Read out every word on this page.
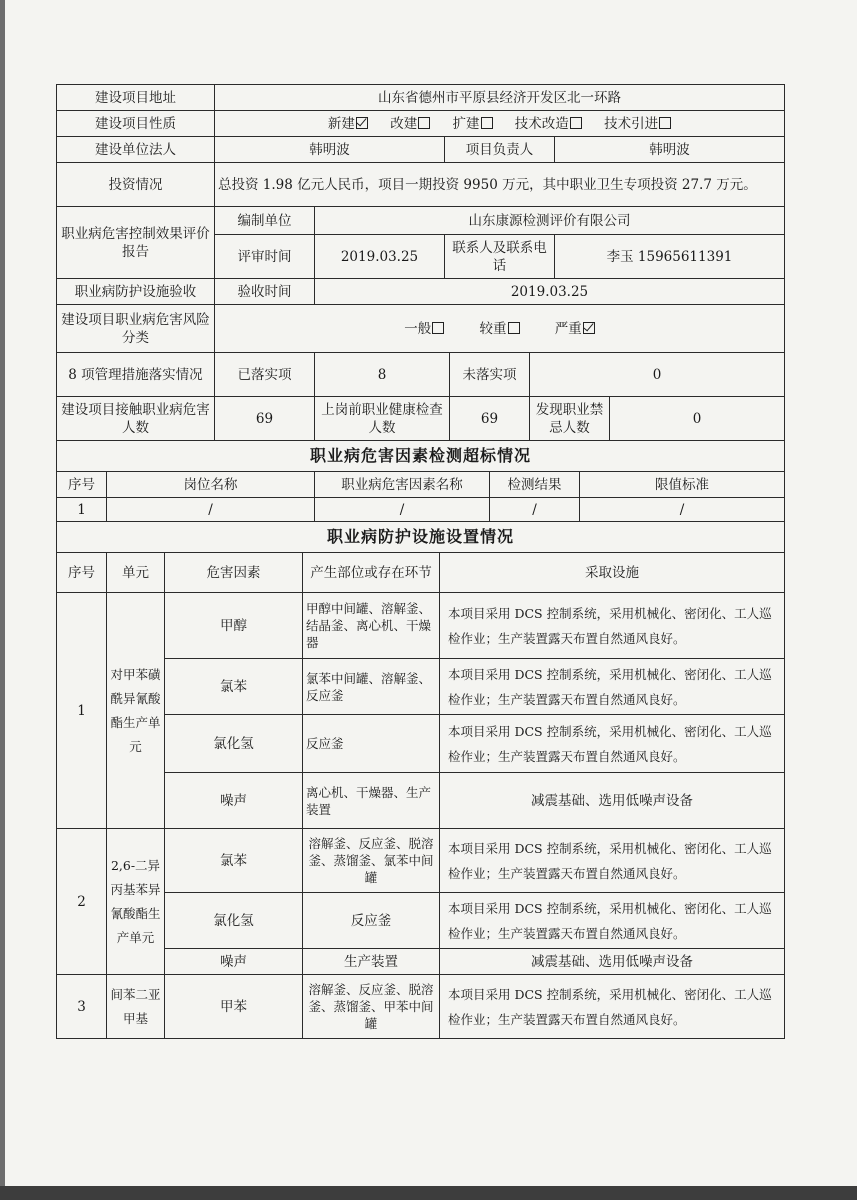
建设项目地址	山东省德州市平原县经济开发区北一环路			
建设项目性质	新建 改建 扩建 技术改造 技术引进			
建设单位法人	韩明波		项目负责人	韩明波
投资情况	总投资 1.98 亿元人民币，项目一期投资 9950 万元，其中职业卫生专项投资 27.7 万元。			
职业病危害控制效果评价报告	编制单位	山东康源检测评价有限公司		
	评审时间	2019.03.25	联系人及联系电话	李玉 15965611391
职业病防护设施验收	验收时间	2019.03.25		
建设项目职业病危害风险分类	一般 较重 严重			
8 项管理措施落实情况	已落实项	8	未落实项	0
建设项目接触职业病危害人数	69	上岗前职业健康检查人数	69	发现职业禁忌人数	0
职业病危害因素检测超标情况				
序号	岗位名称	职业病危害因素名称	检测结果	限值标准
1	/	/	/	/
职业病防护设施设置情况				
序号	单元	危害因素	产生部位或存在环节	采取设施
1	对甲苯磺酰异氰酸酯生产单元	甲醇	甲醇中间罐、溶解釜、结晶釜、离心机、干燥器	本项目采用 DCS 控制系统，采用机械化、密闭化、工人巡检作业；生产装置露天布置自然通风良好。
		氯苯	氯苯中间罐、溶解釜、反应釜	本项目采用 DCS 控制系统，采用机械化、密闭化、工人巡检作业；生产装置露天布置自然通风良好。
		氯化氢	反应釜	本项目采用 DCS 控制系统，采用机械化、密闭化、工人巡检作业；生产装置露天布置自然通风良好。
		噪声	离心机、干燥器、生产装置	减震基础、选用低噪声设备
2	2,6-二异丙基苯异氰酸酯生产单元	氯苯	溶解釜、反应釜、脱溶釜、蒸馏釜、氯苯中间罐	本项目采用 DCS 控制系统，采用机械化、密闭化、工人巡检作业；生产装置露天布置自然通风良好。
		氯化氢	反应釜	本项目采用 DCS 控制系统，采用机械化、密闭化、工人巡检作业；生产装置露天布置自然通风良好。
		噪声	生产装置	减震基础、选用低噪声设备
3	间苯二亚甲基	甲苯	溶解釜、反应釜、脱溶釜、蒸馏釜、甲苯中间罐	本项目采用 DCS 控制系统，采用机械化、密闭化、工人巡检作业；生产装置露天布置自然通风良好。
